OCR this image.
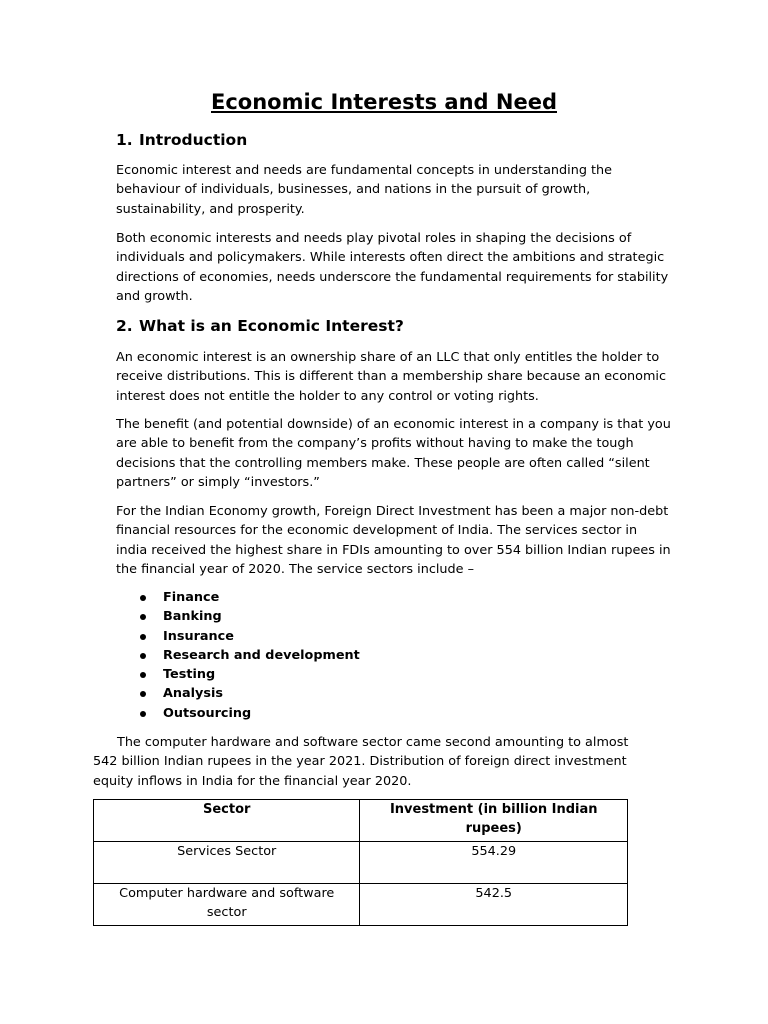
Economic Interests and Need
1. Introduction

Economic interest and needs are fundamental concepts in understanding the behaviour of individuals, businesses, and nations in the pursuit of growth, sustainability, and prosperity.

Both economic interests and needs play pivotal roles in shaping the decisions of individuals and policymakers. While interests often direct the ambitions and strategic directions of economies, needs underscore the fundamental requirements for stability and growth.

2. What is an Economic Interest?

An economic interest is an ownership share of an LLC that only entitles the holder to receive distributions. This is different than a membership share because an economic interest does not entitle the holder to any control or voting rights.

The benefit (and potential downside) of an economic interest in a company is that you are able to benefit from the company’s profits without having to make the tough decisions that the controlling members make. These people are often called “silent partners” or simply “investors.”

For the Indian Economy growth, Foreign Direct Investment has been a major non-debt financial resources for the economic development of India. The services sector in india received the highest share in FDIs amounting to over 554 billion Indian rupees in the financial year of 2020. The service sectors include –

Finance
Banking
Insurance
Research and development
Testing
Analysis
Outsourcing

The computer hardware and software sector came second amounting to almost 542 billion Indian rupees in the year 2021. Distribution of foreign direct investment equity inflows in India for the financial year 2020.

Sector	Investment (in billion Indian rupees)
Services Sector	554.29
Computer hardware and software sector	542.5
